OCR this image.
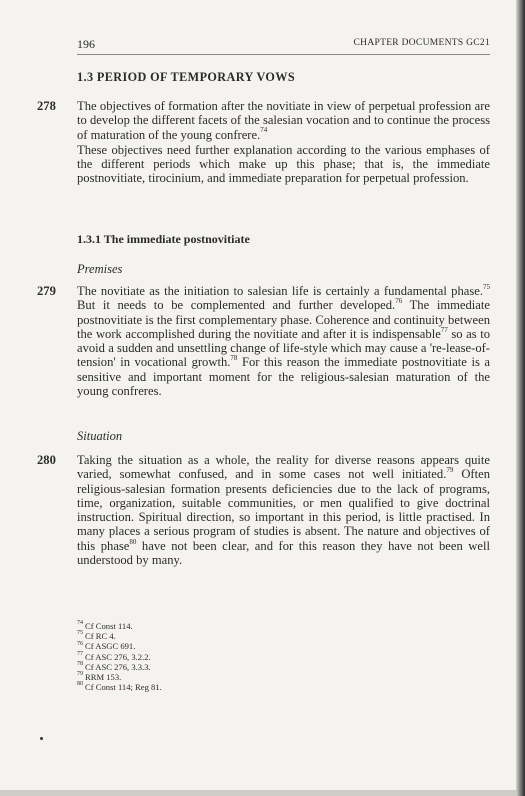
196	CHAPTER DOCUMENTS GC21
1.3 PERIOD OF TEMPORARY VOWS
278 The objectives of formation after the novitiate in view of perpetual profession are to develop the different facets of the salesian vocation and to continue the process of maturation of the young confrere.$^{74}$

These objectives need further explanation according to the various emphases of the different periods which make up this phase; that is, the immediate postnovitiate, tirocinium, and immediate preparation for perpetual profession.

1.3.1 The immediate postnovitiate
Premises
279 The novitiate as the initiation to salesian life is certainly a fundamental phase.$^{75}$ But it needs to be complemented and further developed.$^{76}$ The immediate postnovitiate is the first complementary phase. Coherence and continuity between the work accomplished during the novitiate and after it is indispensable$^{77}$ so as to avoid a sudden and unsettling change of life-style which may cause a 're-lease-of-tension' in vocational growth.$^{78}$ For this reason the immediate postnovitiate is a sensitive and important moment for the religious-salesian maturation of the young confreres.

Situation
280 Taking the situation as a whole, the reality for diverse reasons appears quite varied, somewhat confused, and in some cases not well initiated.$^{79}$ Often religious-salesian formation presents deficiencies due to the lack of programs, time, organization, suitable communities, or men qualified to give doctrinal instruction. Spiritual direction, so important in this period, is little practised. In many places a serious program of studies is absent. The nature and objectives of this phase$^{80}$ have not been clear, and for this reason they have not been well understood by many.

$^{74}$ Cf Const 114.
$^{75}$ Cf RC 4.
$^{76}$ Cf ASGC 691.
$^{77}$ Cf ASC 276, 3.2.2.
$^{78}$ Cf ASC 276, 3.3.3.
$^{79}$ RRM 153.
$^{80}$ Cf Const 114; Reg 81.
